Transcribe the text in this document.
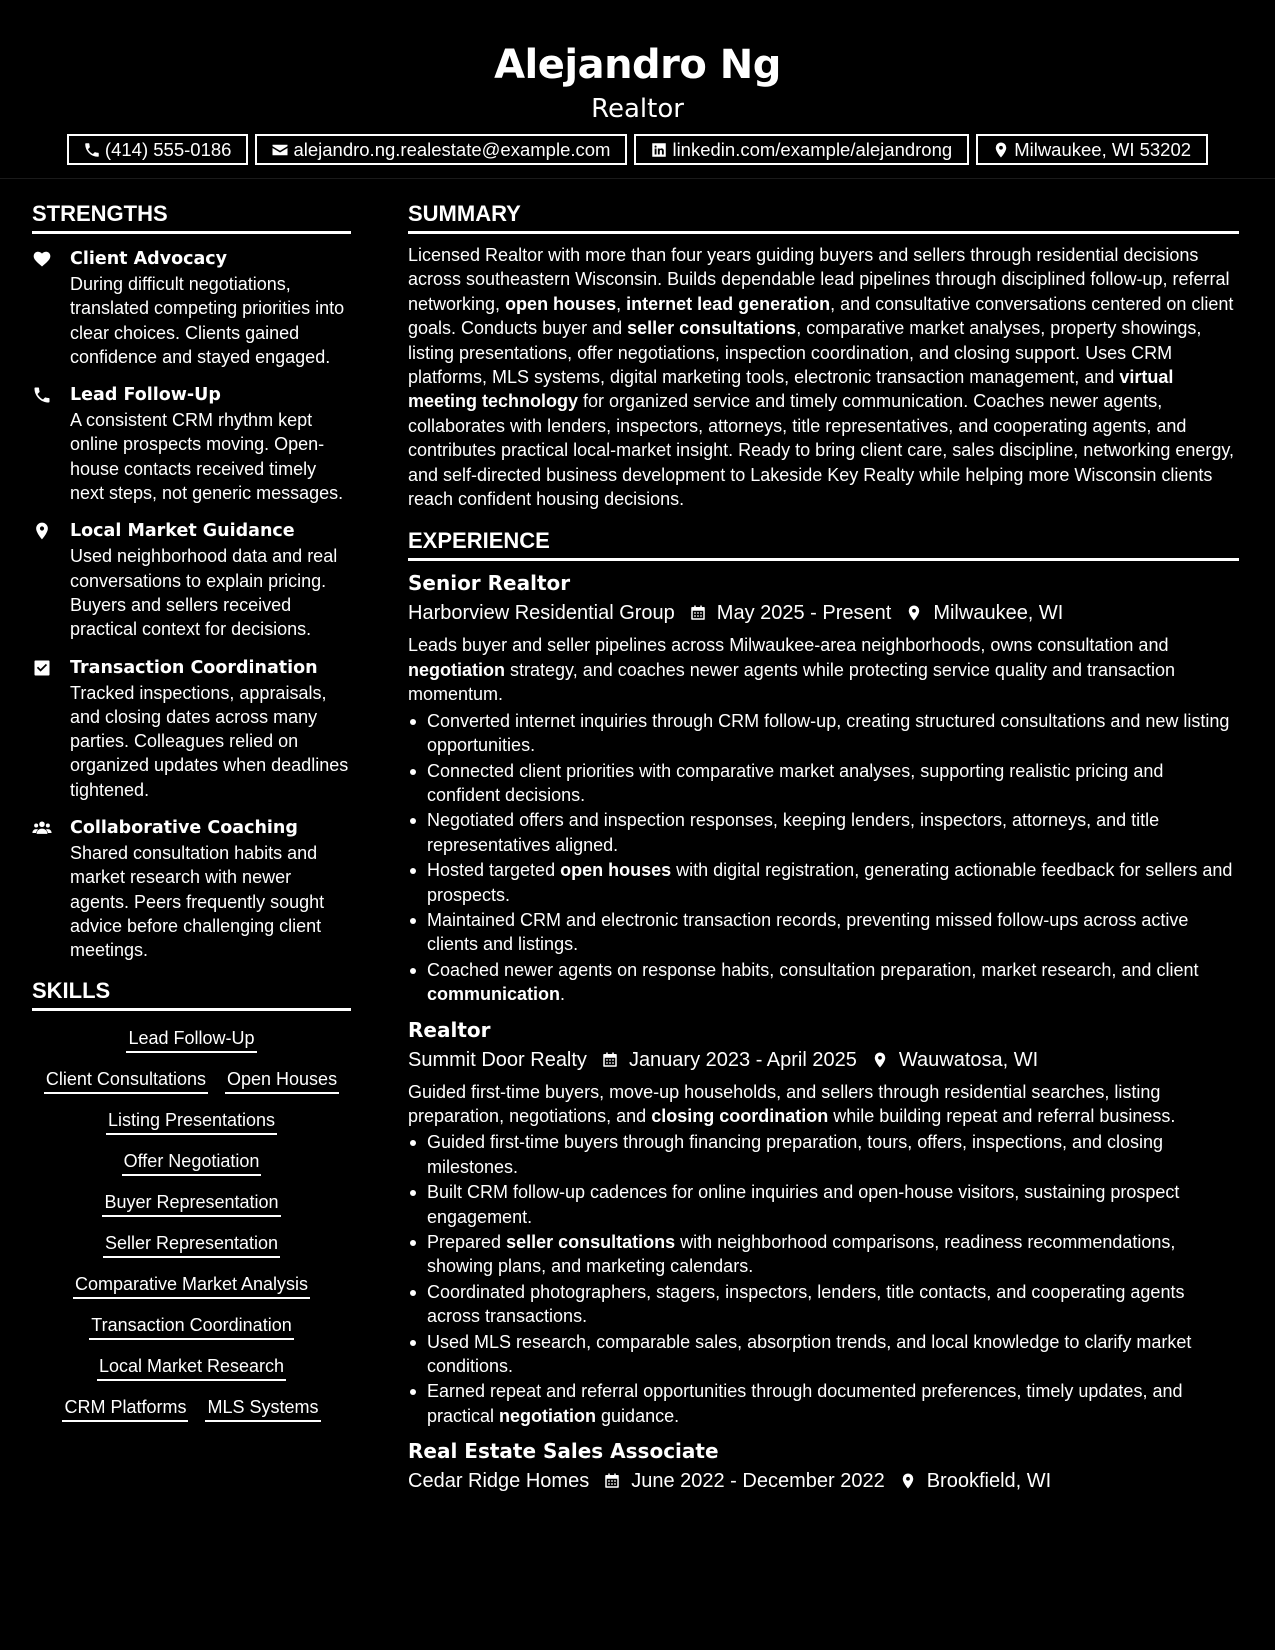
Alejandro Ng
Realtor
(414) 555-0186	alejandro.ng.realestate@example.com	linkedin.com/example/alejandrong	Milwaukee, WI 53202
STRENGTHS
Client Advocacy
During difficult negotiations, translated competing priorities into clear choices. Clients gained confidence and stayed engaged.
Lead Follow-Up
A consistent CRM rhythm kept online prospects moving. Open-house contacts received timely next steps, not generic messages.
Local Market Guidance
Used neighborhood data and real conversations to explain pricing. Buyers and sellers received practical context for decisions.
Transaction Coordination
Tracked inspections, appraisals, and closing dates across many parties. Colleagues relied on organized updates when deadlines tightened.
Collaborative Coaching
Shared consultation habits and market research with newer agents. Peers frequently sought advice before challenging client meetings.
SKILLS
Lead Follow-Up
Client Consultations Open Houses
Listing Presentations
Offer Negotiation
Buyer Representation
Seller Representation
Comparative Market Analysis
Transaction Coordination
Local Market Research
CRM Platforms MLS Systems
SUMMARY

Licensed Realtor with more than four years guiding buyers and sellers through residential decisions across southeastern Wisconsin. Builds dependable lead pipelines through disciplined follow-up, referral networking, open houses, internet lead generation, and consultative conversations centered on client goals. Conducts buyer and seller consultations, comparative market analyses, property showings, listing presentations, offer negotiations, inspection coordination, and closing support. Uses CRM platforms, MLS systems, digital marketing tools, electronic transaction management, and virtual meeting technology for organized service and timely communication. Coaches newer agents, collaborates with lenders, inspectors, attorneys, title representatives, and cooperating agents, and contributes practical local-market insight. Ready to bring client care, sales discipline, networking energy, and self-directed business development to Lakeside Key Realty while helping more Wisconsin clients reach confident housing decisions.

EXPERIENCE
Senior Realtor
Harborview Residential Group May 2025 - Present Milwaukee, WI

Leads buyer and seller pipelines across Milwaukee-area neighborhoods, owns consultation and negotiation strategy, and coaches newer agents while protecting service quality and transaction momentum.

Converted internet inquiries through CRM follow-up, creating structured consultations and new listing opportunities.
Connected client priorities with comparative market analyses, supporting realistic pricing and confident decisions.
Negotiated offers and inspection responses, keeping lenders, inspectors, attorneys, and title representatives aligned.
Hosted targeted open houses with digital registration, generating actionable feedback for sellers and prospects.
Maintained CRM and electronic transaction records, preventing missed follow-ups across active clients and listings.
Coached newer agents on response habits, consultation preparation, market research, and client communication.
Realtor
Summit Door Realty January 2023 - April 2025 Wauwatosa, WI

Guided first-time buyers, move-up households, and sellers through residential searches, listing preparation, negotiations, and closing coordination while building repeat and referral business.

Guided first-time buyers through financing preparation, tours, offers, inspections, and closing milestones.
Built CRM follow-up cadences for online inquiries and open-house visitors, sustaining prospect engagement.
Prepared seller consultations with neighborhood comparisons, readiness recommendations, showing plans, and marketing calendars.
Coordinated photographers, stagers, inspectors, lenders, title contacts, and cooperating agents across transactions.
Used MLS research, comparable sales, absorption trends, and local knowledge to clarify market conditions.
Earned repeat and referral opportunities through documented preferences, timely updates, and practical negotiation guidance.
Real Estate Sales Associate
Cedar Ridge Homes June 2022 - December 2022 Brookfield, WI
